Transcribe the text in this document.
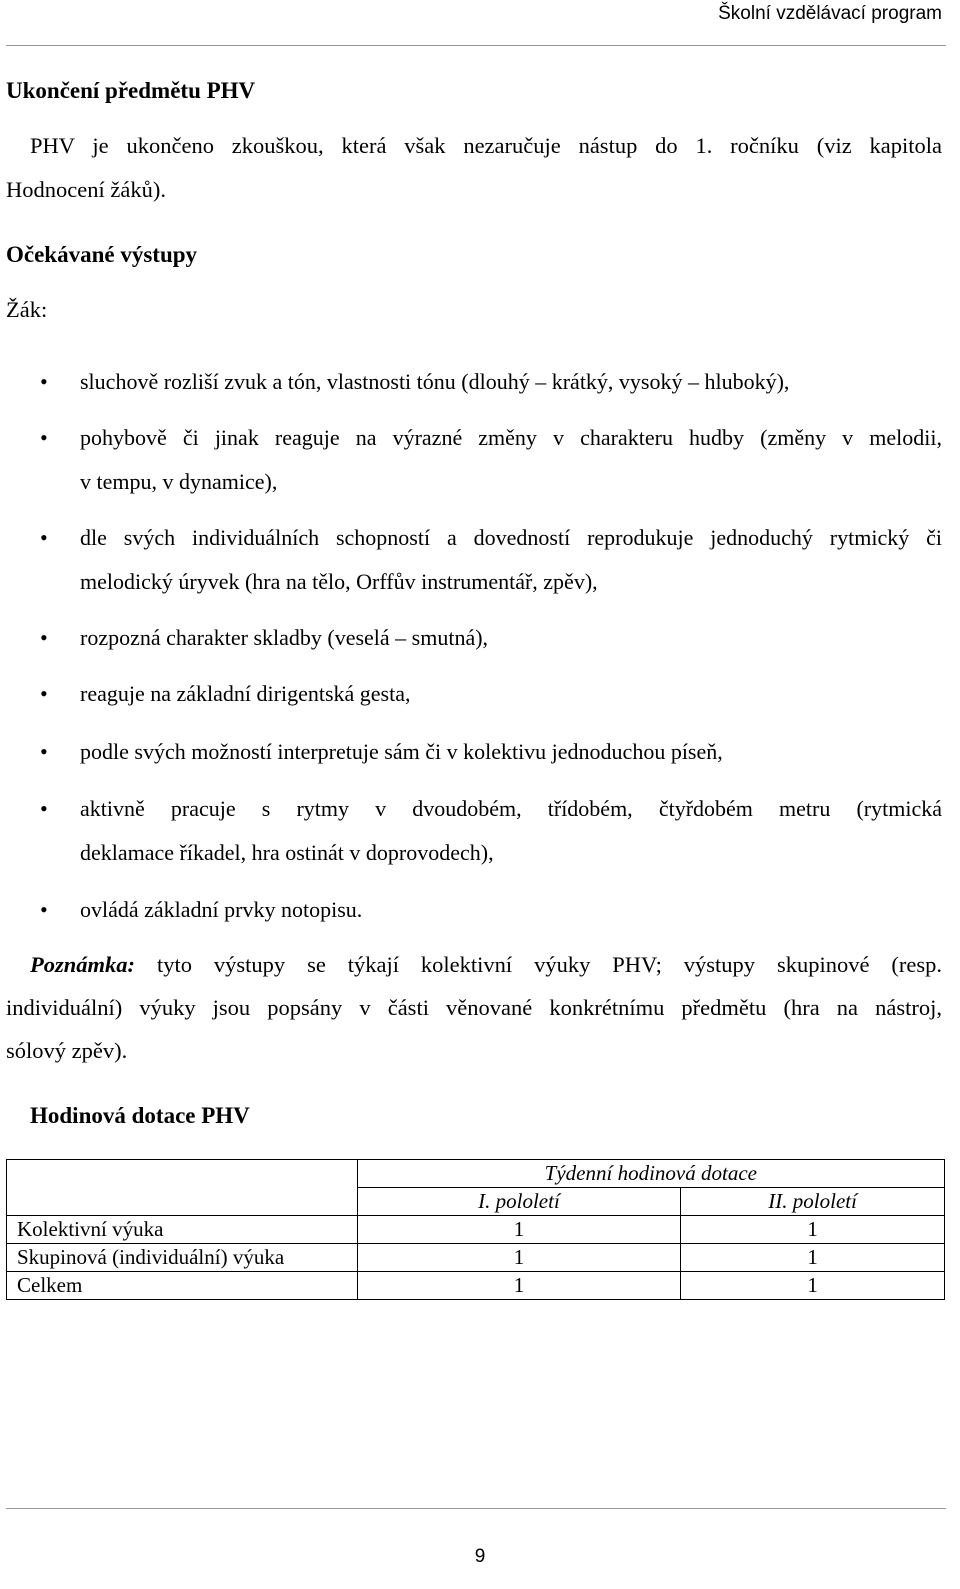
Školní vzdělávací program
Ukončení předmětu PHV
PHV je ukončeno zkouškou, která však nezaručuje nástup do 1. ročníku (viz kapitola
Hodnocení žáků).
Očekávané výstupy
Žák:
• sluchově rozliší zvuk a tón, vlastnosti tónu (dlouhý – krátký, vysoký – hluboký),
• pohybově či jinak reaguje na výrazné změny v charakteru hudby (změny v melodii,
v tempu, v dynamice),
• dle svých individuálních schopností a dovedností reprodukuje jednoduchý rytmický či
melodický úryvek (hra na tělo, Orffův instrumentář, zpěv),
• rozpozná charakter skladby (veselá – smutná),
• reaguje na základní dirigentská gesta,
• podle svých možností interpretuje sám či v kolektivu jednoduchou píseň,
• aktivně pracuje s rytmy v dvoudobém, třídobém, čtyřdobém metru (rytmická
deklamace říkadel, hra ostinát v doprovodech),
• ovládá základní prvky notopisu.
Poznámka: tyto výstupy se týkají kolektivní výuky PHV; výstupy skupinové (resp.
individuální) výuky jsou popsány v části věnované konkrétnímu předmětu (hra na nástroj,
sólový zpěv).
Hodinová dotace PHV
	Týdenní hodinová dotace	
	I. pololetí	II. pololetí
Kolektivní výuka	1	1
Skupinová (individuální) výuka	1	1
Celkem	1	1
9
